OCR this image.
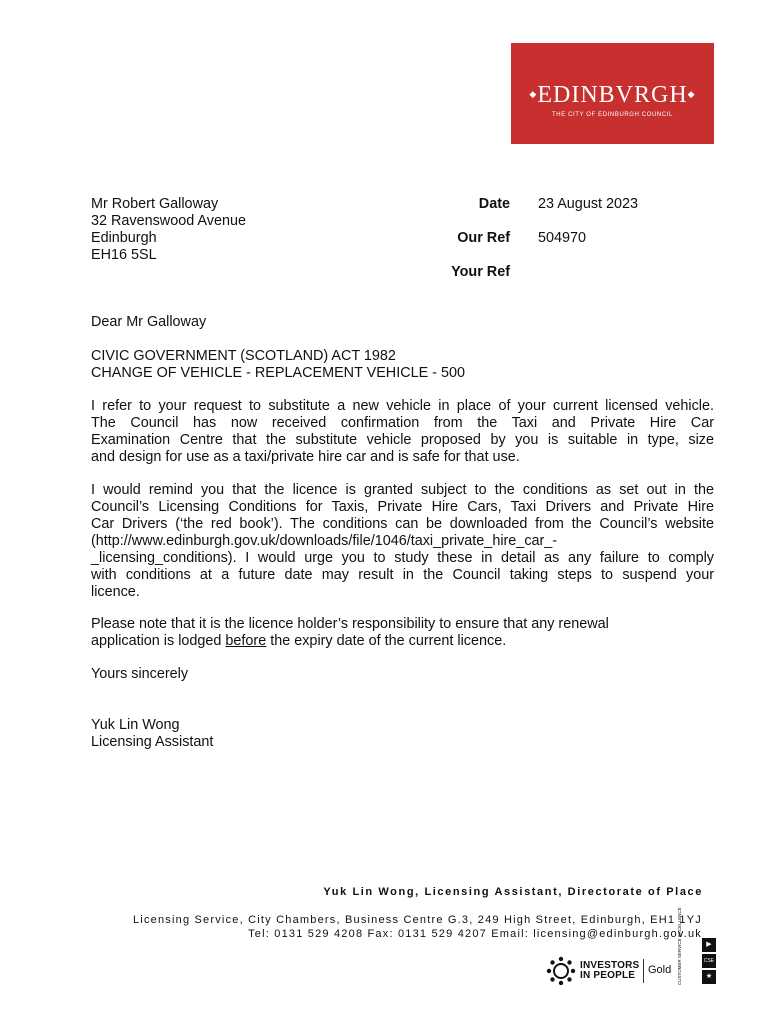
◆EDINBVRGH◆
THE CITY OF EDINBURGH COUNCIL
Mr Robert Galloway
32 Ravenswood Avenue
Edinburgh
EH16 5SL
Date 23 August 2023
Our Ref 504970
Your Ref
Dear Mr Galloway
CIVIC GOVERNMENT (SCOTLAND) ACT 1982
CHANGE OF VEHICLE - REPLACEMENT VEHICLE - 500

I refer to your request to substitute a new vehicle in place of your current licensed vehicle.

The Council has now received confirmation from the Taxi and Private Hire Car

Examination Centre that the substitute vehicle proposed by you is suitable in type, size

and design for use as a taxi/private hire car and is safe for that use.

I would remind you that the licence is granted subject to the conditions as set out in the

Council’s Licensing Conditions for Taxis, Private Hire Cars, Taxi Drivers and Private Hire

Car Drivers (‘the red book’). The conditions can be downloaded from the Council’s website

(http://www.edinburgh.gov.uk/downloads/file/1046/taxi_private_hire_car_-

_licensing_conditions). I would urge you to study these in detail as any failure to comply

with conditions at a future date may result in the Council taking steps to suspend your

licence.

Please note that it is the licence holder’s responsibility to ensure that any renewal

application is lodged before the expiry date of the current licence.

Yours sincerely
Yuk Lin Wong
Licensing Assistant
Yuk Lin Wong, Licensing Assistant, Directorate of Place
Licensing Service, City Chambers, Business Centre G.3, 249 High Street, Edinburgh, EH1 1YJ
Tel: 0131 529 4208 Fax: 0131 529 4207 Email: licensing@edinburgh.gov.uk
INVESTORS
IN PEOPLE	Gold
▶
CSE
★
CUSTOMER SERVICE EXCELLENCE
